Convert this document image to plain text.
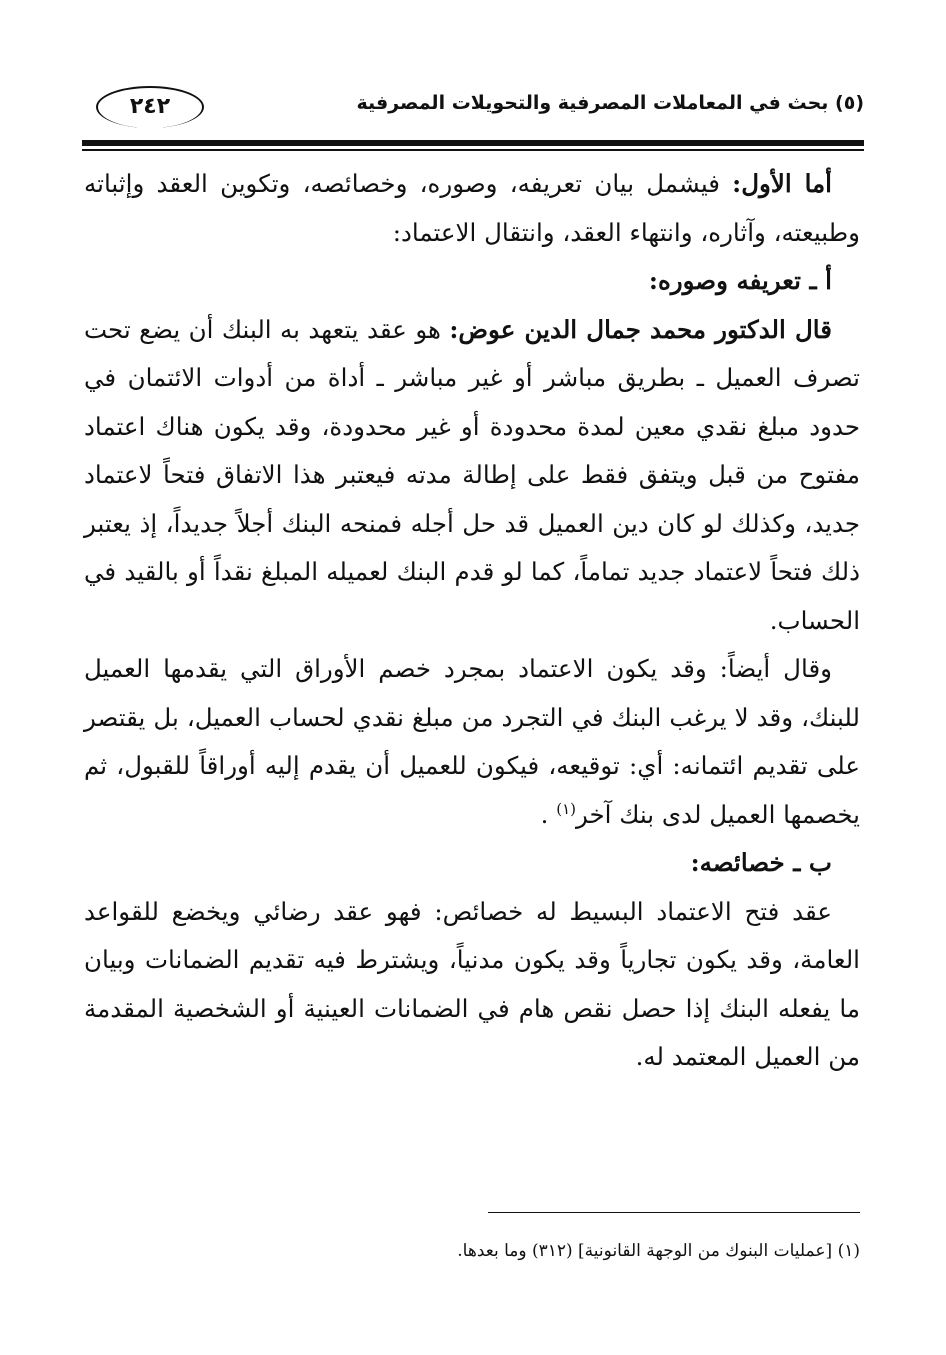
(٥) بحث في المعاملات المصرفية والتحويلات المصرفية
٢٤٢

أما الأول: فيشمل بيان تعريفه، وصوره، وخصائصه، وتكوين العقد وإثباته وطبيعته، وآثاره، وانتهاء العقد، وانتقال الاعتماد:

أ ـ تعريفه وصوره:

قال الدكتور محمد جمال الدين عوض: هو عقد يتعهد به البنك أن يضع تحت تصرف العميل ـ بطريق مباشر أو غير مباشر ـ أداة من أدوات الائتمان في حدود مبلغ نقدي معين لمدة محدودة أو غير محدودة، وقد يكون هناك اعتماد مفتوح من قبل ويتفق فقط على إطالة مدته فيعتبر هذا الاتفاق فتحاً لاعتماد جديد، وكذلك لو كان دين العميل قد حل أجله فمنحه البنك أجلاً جديداً، إذ يعتبر ذلك فتحاً لاعتماد جديد تماماً، كما لو قدم البنك لعميله المبلغ نقداً أو بالقيد في الحساب.

وقال أيضاً: وقد يكون الاعتماد بمجرد خصم الأوراق التي يقدمها العميل للبنك، وقد لا يرغب البنك في التجرد من مبلغ نقدي لحساب العميل، بل يقتصر على تقديم ائتمانه: أي: توقيعه، فيكون للعميل أن يقدم إليه أوراقاً للقبول، ثم يخصمها العميل لدى بنك آخر$^{(١)}$ .

ب ـ خصائصه:

عقد فتح الاعتماد البسيط له خصائص: فهو عقد رضائي ويخضع للقواعد العامة، وقد يكون تجارياً وقد يكون مدنياً، ويشترط فيه تقديم الضمانات وبيان ما يفعله البنك إذا حصل نقص هام في الضمانات العينية أو الشخصية المقدمة من العميل المعتمد له.

(١) [عمليات البنوك من الوجهة القانونية] (٣١٢) وما بعدها.
